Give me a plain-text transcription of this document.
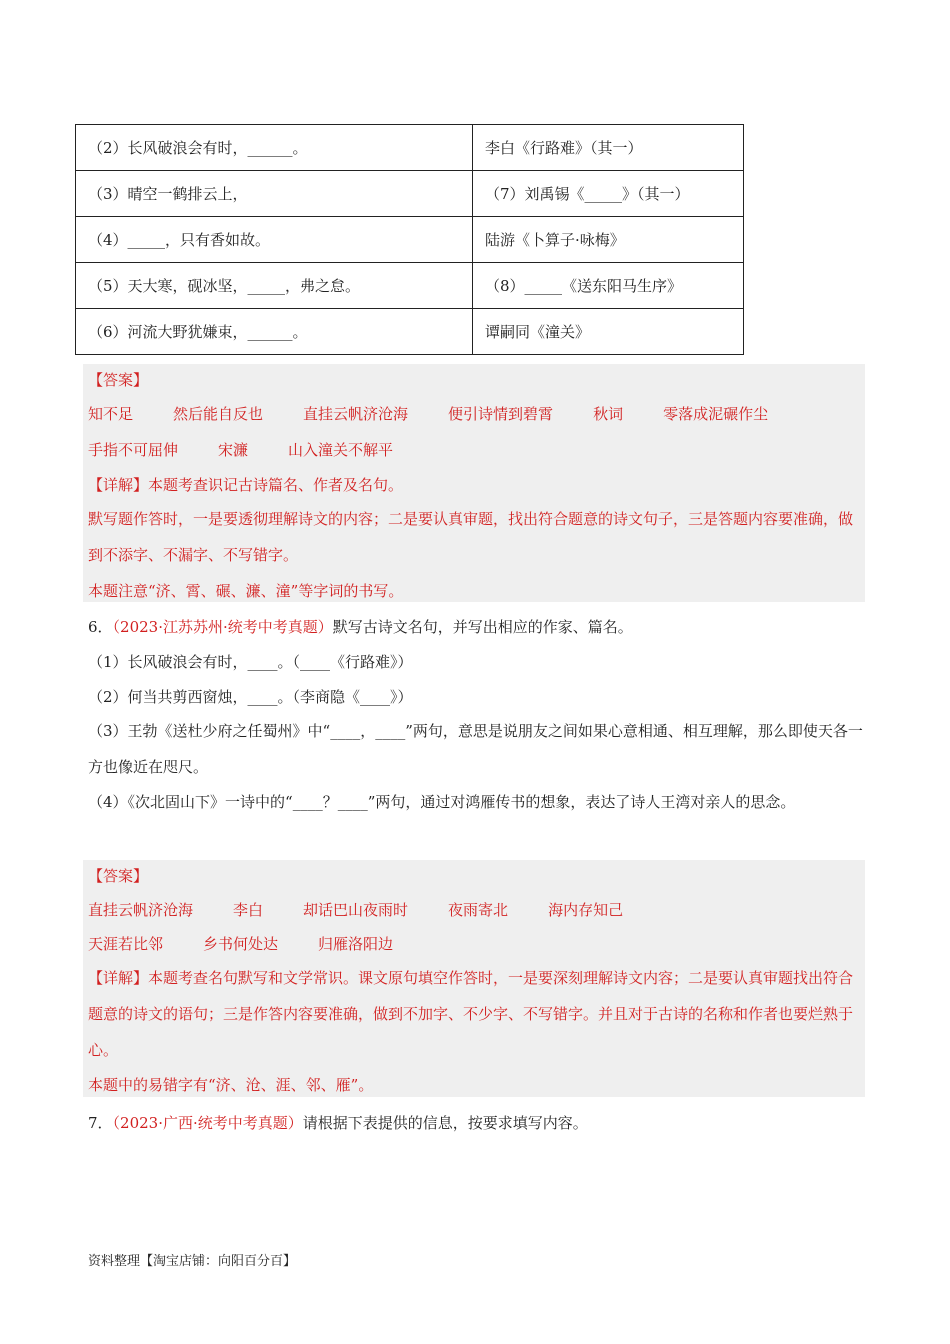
（2）长风破浪会有时，______。	李白《行路难》（其一）
（3）晴空一鹤排云上，	（7）刘禹锡《_____》（其一）
（4）_____，只有香如故。	陆游《卜算子·咏梅》
（5）天大寒，砚冰坚，_____，弗之怠。	（8）_____《送东阳马生序》
（6）河流大野犹嫌束，______。	谭嗣同《潼关》
【答案】
知不足	然后能自反也	直挂云帆济沧海	便引诗情到碧霄	秋词	零落成泥碾作尘
手指不可屈伸	宋濂	山入潼关不解平
【详解】本题考查识记古诗篇名、作者及名句。
默写题作答时，一是要透彻理解诗文的内容；二是要认真审题，找出符合题意的诗文句子，三是答题内容要准确，做到不添字、不漏字、不写错字。
本题注意“济、霄、碾、濂、潼”等字词的书写。
6．（2023·江苏苏州·统考中考真题）默写古诗文名句，并写出相应的作家、篇名。
（1）长风破浪会有时，____。（____《行路难》）
（2）何当共剪西窗烛，____。（李商隐《____》）
（3）王勃《送杜少府之任蜀州》中“____，____”两句，意思是说朋友之间如果心意相通、相互理解，那么即使天各一方也像近在咫尺。
（4）《次北固山下》一诗中的“____？____”两句，通过对鸿雁传书的想象，表达了诗人王湾对亲人的思念。
【答案】
直挂云帆济沧海	李白	却话巴山夜雨时	夜雨寄北	海内存知己
天涯若比邻	乡书何处达	归雁洛阳边
【详解】本题考查名句默写和文学常识。课文原句填空作答时，一是要深刻理解诗文内容；二是要认真审题找出符合题意的诗文的语句；三是作答内容要准确，做到不加字、不少字、不写错字。并且对于古诗的名称和作者也要烂熟于心。
本题中的易错字有“济、沧、涯、邻、雁”。
7．（2023·广西·统考中考真题）请根据下表提供的信息，按要求填写内容。
资料整理【淘宝店铺：向阳百分百】
